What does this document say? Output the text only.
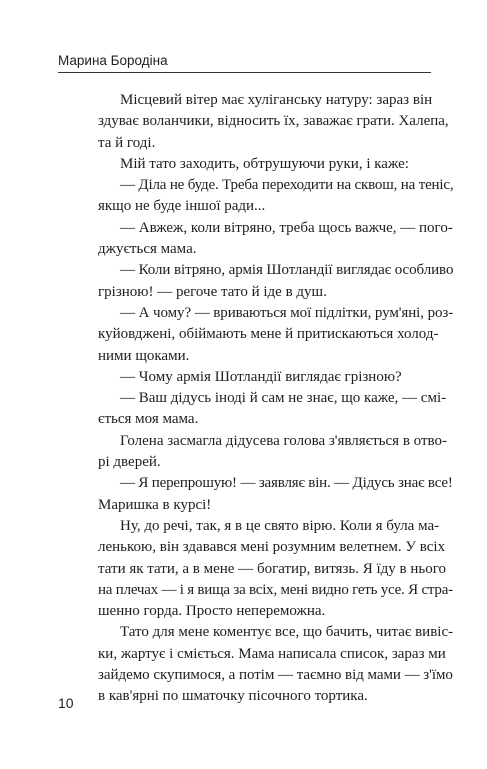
Марина Бородіна
Місцевий вітер має хуліганську натуру: зараз він
здуває воланчики, відносить їх, заважає грати. Халепа,
та й годі.
Мій тато заходить, обтрушуючи руки, і каже:
— Діла не буде. Треба переходити на сквош, на теніс,
якщо не буде іншої ради...
— Авжеж, коли вітряно, треба щось важче, — пого-
джується мама.
— Коли вітряно, армія Шотландії виглядає особливо
грізною! — регоче тато й іде в душ.
— А чому? — вриваються мої підлітки, рум'яні, роз-
куйовджені, обіймають мене й притискаються холод-
ними щоками.
— Чому армія Шотландії виглядає грізною?
— Ваш дідусь іноді й сам не знає, що каже, — смі-
ється моя мама.
Голена засмагла дідусева голова з'являється в отво-
рі дверей.
— Я перепрошую! — заявляє він. — Дідусь знає все!
Маришка в курсі!
Ну, до речі, так, я в це свято вірю. Коли я була ма-
ленькою, він здавався мені розумним велетнем. У всіх
тати як тати, а в мене — богатир, витязь. Я їду в нього
на плечах — і я вища за всіх, мені видно геть усе. Я стра-
шенно горда. Просто непереможна.
Тато для мене коментує все, що бачить, читає вивіс-
ки, жартує і сміється. Мама написала список, зараз ми
зайдемо скупимося, а потім — таємно від мами — з'їмо
в кав'ярні по шматочку пісочного тортика.
10
